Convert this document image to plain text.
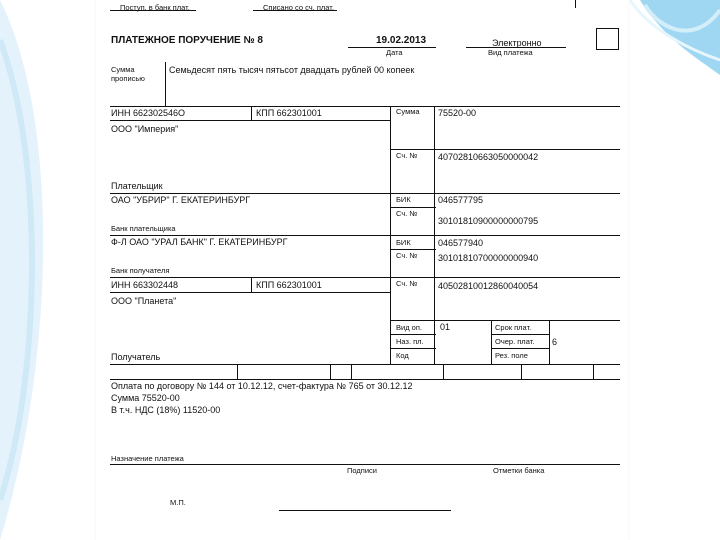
Поступ. в банк плат.	Списано со сч. плат.
ПЛАТЕЖНОЕ ПОРУЧЕНИЕ № 8	19.02.2013
Дата
Электронно
Вид платежа
Сумма прописью
Семьдесят пять тысяч пятьсот двадцать рублей 00 копеек
ИНН 662302546О	КПП 662301001
ООО "Империя"
Плательщик
Сумма 75520-00
Сч. № 40702810663050000042
ОАО "УБРИР" Г. ЕКАТЕРИНБУРГ
Банк плательщика
БИК	046577795
Сч. №
30101810900000000795
Ф-Л ОАО "УРАЛ БАНК" Г. ЕКАТЕРИНБУРГ
Банк получателя
БИК	046577940
Сч. № 30101810700000000940
ИНН 663302448	КПП 662301001
ООО "Планета"
Сч. № 40502810012860040054
Получатель
Вид оп. 01
Наз. пл.
Код
Срок плат.
Очер. плат. 6
Рез. поле
Оплата по договору № 144 от 10.12.12, счет-фактура № 765 от 30.12.12
Сумма 75520-00
В т.ч. НДС (18%) 11520-00
Назначение платежа
Подписи	Отметки банка
М.П.
